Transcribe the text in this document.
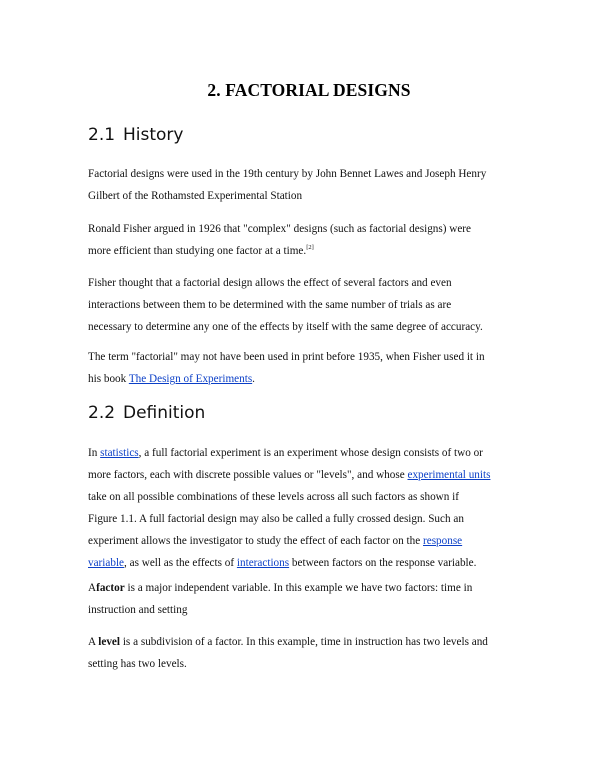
2. FACTORIAL DESIGNS
2.1 History

Factorial designs were used in the 19th century by John Bennet Lawes and Joseph Henry
Gilbert of the Rothamsted Experimental Station

Ronald Fisher argued in 1926 that "complex" designs (such as factorial designs) were
more efficient than studying one factor at a time.[2]

Fisher thought that a factorial design allows the effect of several factors and even
interactions between them to be determined with the same number of trials as are
necessary to determine any one of the effects by itself with the same degree of accuracy.

The term "factorial" may not have been used in print before 1935, when Fisher used it in
his book The Design of Experiments.

2.2 Definition

In statistics, a full factorial experiment is an experiment whose design consists of two or
more factors, each with discrete possible values or "levels", and whose experimental units
take on all possible combinations of these levels across all such factors as shown if
Figure 1.1. A full factorial design may also be called a fully crossed design. Such an
experiment allows the investigator to study the effect of each factor on the response
variable, as well as the effects of interactions between factors on the response variable.

Afactor is a major independent variable. In this example we have two factors: time in
instruction and setting

A level is a subdivision of a factor. In this example, time in instruction has two levels and
setting has two levels.
